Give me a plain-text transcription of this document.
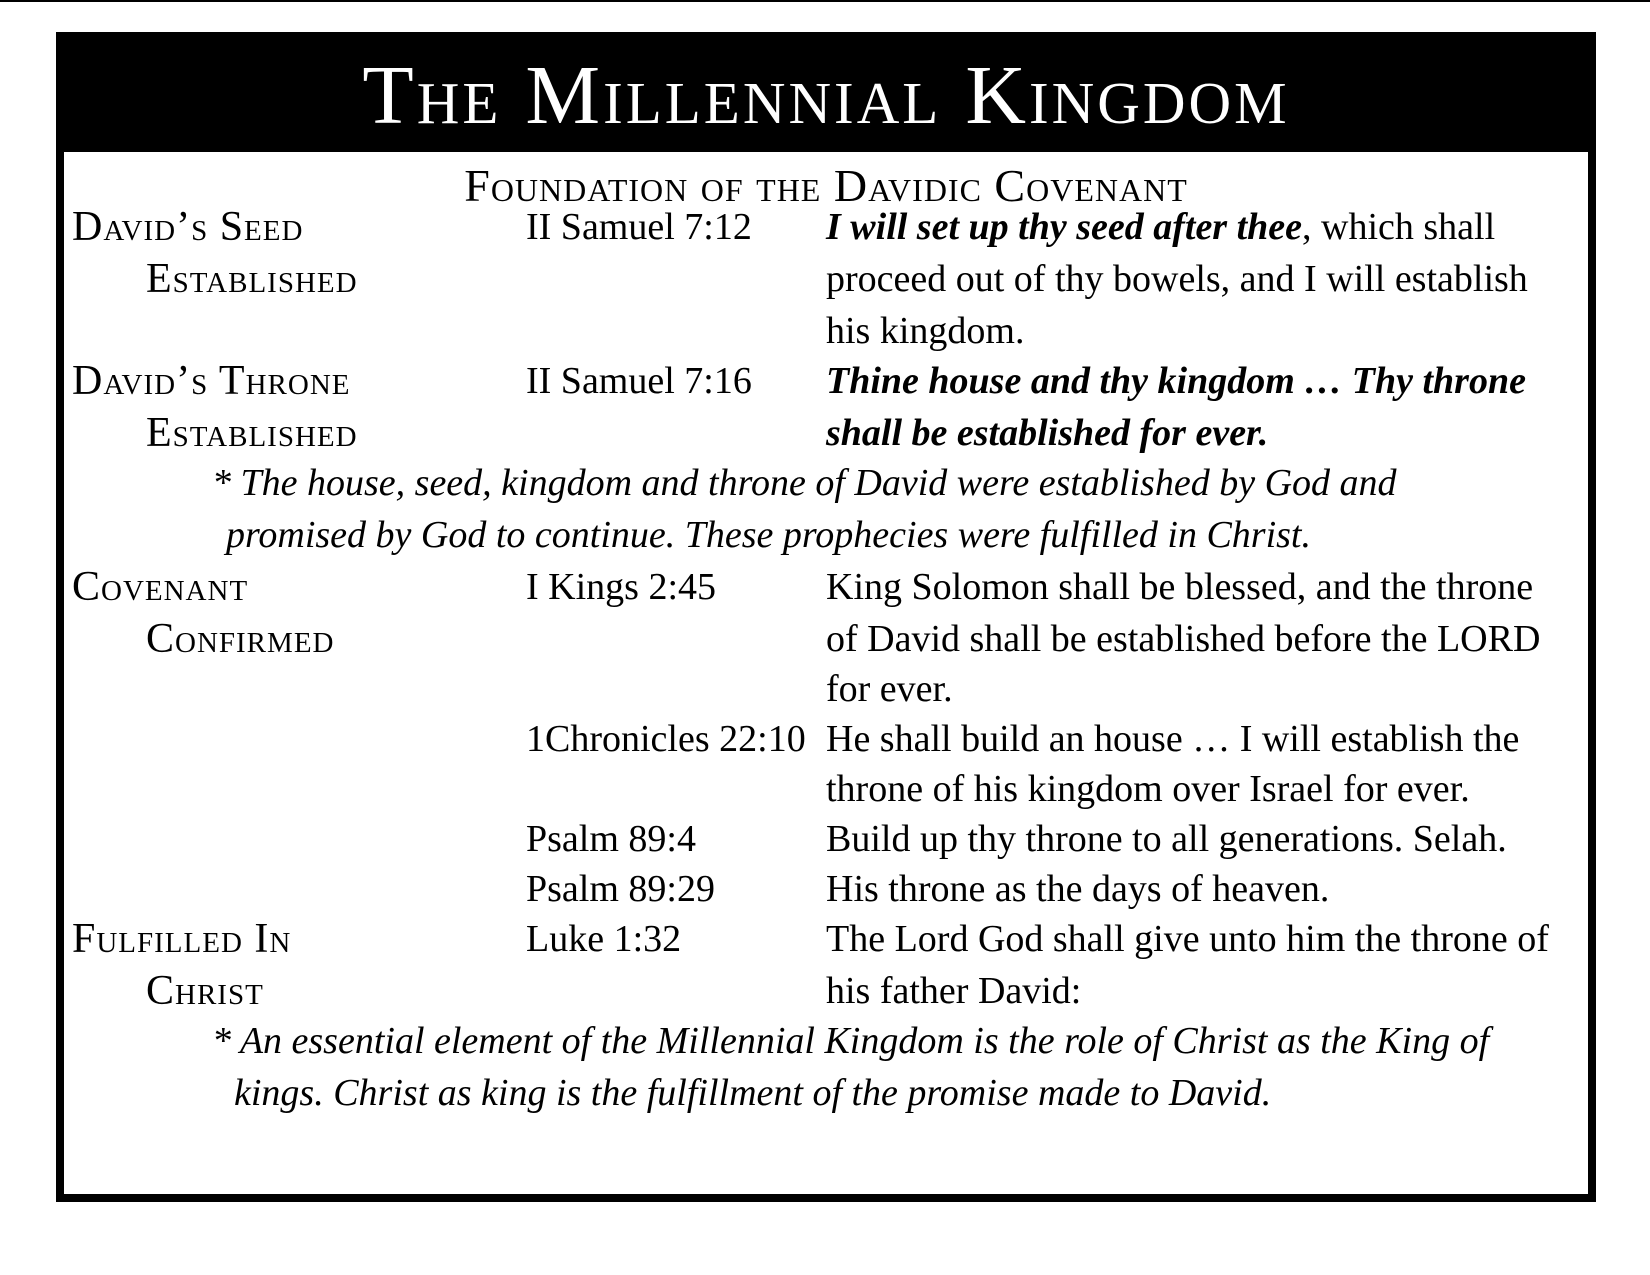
The Millennial Kingdom
Foundation of the Davidic Covenant
David’s Seed
Established
II Samuel 7:12 I will set up thy seed after thee, which shall
proceed out of thy bowels, and I will establish
his kingdom.
David’s Throne
Established
II Samuel 7:16 Thine house and thy kingdom … Thy throne
shall be established for ever.
* The house, seed, kingdom and throne of David were established by God and
promised by God to continue. These prophecies were fulfilled in Christ.
Covenant
Confirmed
I Kings 2:45	King Solomon shall be blessed, and the throne
of David shall be established before the LORD
for ever.
1Chronicles 22:10 He shall build an house … I will establish the
throne of his kingdom over Israel for ever.
Psalm 89:4	Build up thy throne to all generations. Selah.
Psalm 89:29	His throne as the days of heaven.
Fulfilled In
Christ
Luke 1:32	The Lord God shall give unto him the throne of
his father David:
* An essential element of the Millennial Kingdom is the role of Christ as the King of
kings. Christ as king is the fulfillment of the promise made to David.
